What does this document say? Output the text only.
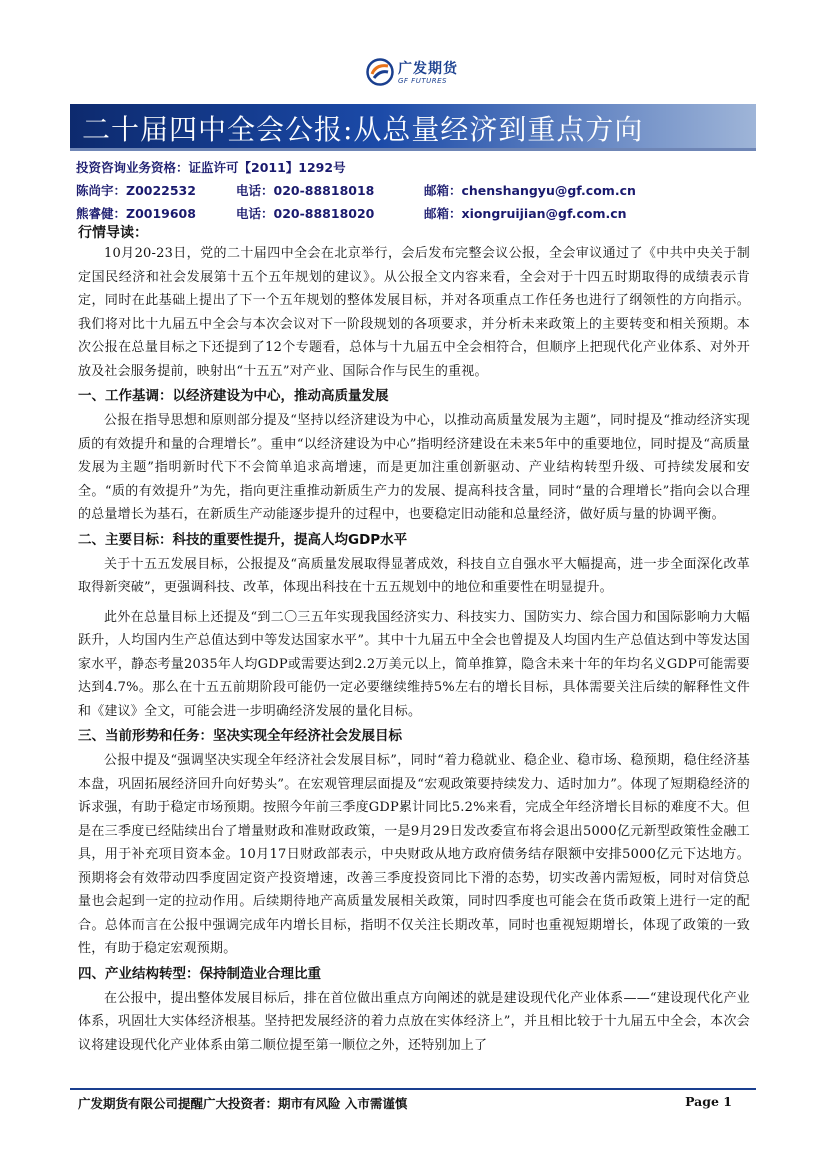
广发期货
GF FUTURES
二十届四中全会公报:从总量经济到重点方向
投资咨询业务资格：证监许可【2011】1292号
陈尚宇：Z0022532	电话：020-88818018	邮箱：chenshangyu@gf.com.cn
熊睿健：Z0019608	电话：020-88818020	邮箱：xiongruijian@gf.com.cn
行情导读：

10月20-23日，党的二十届四中全会在北京举行，会后发布完整会议公报，全会审议通过了《中共中央关于制定国民经济和社会发展第十五个五年规划的建议》。从公报全文内容来看，全会对于十四五时期取得的成绩表示肯定，同时在此基础上提出了下一个五年规划的整体发展目标，并对各项重点工作任务也进行了纲领性的方向指示。我们将对比十九届五中全会与本次会议对下一阶段规划的各项要求，并分析未来政策上的主要转变和相关预期。本次公报在总量目标之下还提到了12个专题看，总体与十九届五中全会相符合，但顺序上把现代化产业体系、对外开放及社会服务提前，映射出“十五五”对产业、国际合作与民生的重视。

一、工作基调：以经济建设为中心，推动高质量发展

公报在指导思想和原则部分提及“坚持以经济建设为中心，以推动高质量发展为主题”，同时提及“推动经济实现质的有效提升和量的合理增长”。重申“以经济建设为中心”指明经济建设在未来5年中的重要地位，同时提及“高质量发展为主题”指明新时代下不会简单追求高增速，而是更加注重创新驱动、产业结构转型升级、可持续发展和安全。“质的有效提升”为先，指向更注重推动新质生产力的发展、提高科技含量，同时“量的合理增长”指向会以合理的总量增长为基石，在新质生产动能逐步提升的过程中，也要稳定旧动能和总量经济，做好质与量的协调平衡。

二、主要目标：科技的重要性提升，提高人均GDP水平

关于十五五发展目标，公报提及“高质量发展取得显著成效，科技自立自强水平大幅提高，进一步全面深化改革取得新突破”，更强调科技、改革，体现出科技在十五五规划中的地位和重要性在明显提升。

此外在总量目标上还提及“到二〇三五年实现我国经济实力、科技实力、国防实力、综合国力和国际影响力大幅跃升，人均国内生产总值达到中等发达国家水平”。其中十九届五中全会也曾提及人均国内生产总值达到中等发达国家水平，静态考量2035年人均GDP或需要达到2.2万美元以上，简单推算，隐含未来十年的年均名义GDP可能需要达到4.7%。那么在十五五前期阶段可能仍一定必要继续维持5%左右的增长目标，具体需要关注后续的解释性文件和《建议》全文，可能会进一步明确经济发展的量化目标。

三、当前形势和任务：坚决实现全年经济社会发展目标

公报中提及“强调坚决实现全年经济社会发展目标”，同时“着力稳就业、稳企业、稳市场、稳预期，稳住经济基本盘，巩固拓展经济回升向好势头”。在宏观管理层面提及“宏观政策要持续发力、适时加力”。体现了短期稳经济的诉求强，有助于稳定市场预期。按照今年前三季度GDP累计同比5.2%来看，完成全年经济增长目标的难度不大。但是在三季度已经陆续出台了增量财政和准财政政策，一是9月29日发改委宣布将会退出5000亿元新型政策性金融工具，用于补充项目资本金。10月17日财政部表示，中央财政从地方政府债务结存限额中安排5000亿元下达地方。预期将会有效带动四季度固定资产投资增速，改善三季度投资同比下滑的态势，切实改善内需短板，同时对信贷总量也会起到一定的拉动作用。后续期待地产高质量发展相关政策，同时四季度也可能会在货币政策上进行一定的配合。总体而言在公报中强调完成年内增长目标，指明不仅关注长期改革，同时也重视短期增长，体现了政策的一致性，有助于稳定宏观预期。

四、产业结构转型：保持制造业合理比重

在公报中，提出整体发展目标后，排在首位做出重点方向阐述的就是建设现代化产业体系——“建设现代化产业体系，巩固壮大实体经济根基。坚持把发展经济的着力点放在实体经济上”，并且相比较于十九届五中全会，本次会议将建设现代化产业体系由第二顺位提至第一顺位之外，还特别加上了

广发期货有限公司提醒广大投资者：期市有风险 入市需谨慎	Page 1
